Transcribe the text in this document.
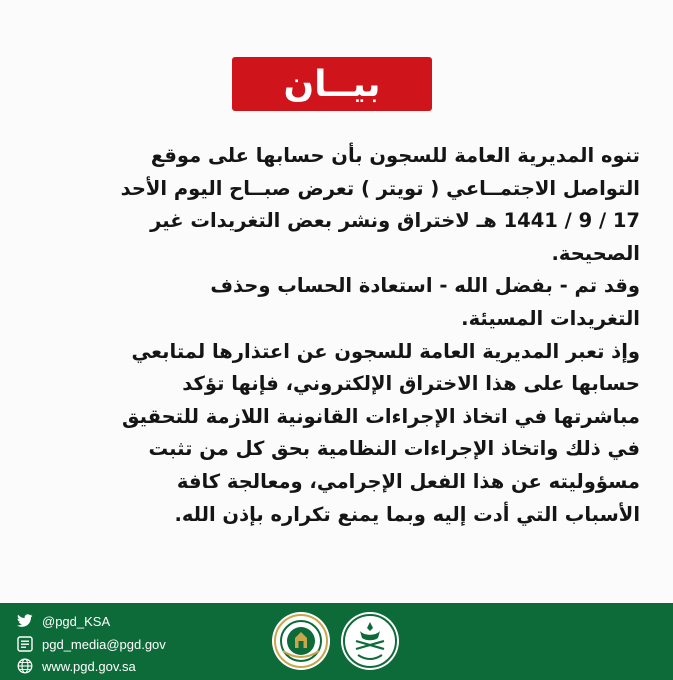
بيــان
تنوه المديرية العامة للسجون بأن حسابها على موقع
التواصل الاجتمــاعي ( تويتر ) تعرض صبــاح اليوم الأحد
17 / 9 / 1441 هـ لاختراق ونشر بعض التغريدات غير
الصحيحة.
وقد تم - بفضل الله - استعادة الحساب وحذف
التغريدات المسيئة.
وإذ تعبر المديرية العامة للسجون عن اعتذارها لمتابعي
حسابها على هذا الاختراق الإلكتروني، فإنها تؤكد
مباشرتها في اتخاذ الإجراءات القانونية اللازمة للتحقيق
في ذلك واتخاذ الإجراءات النظامية بحق كل من تثبت
مسؤوليته عن هذا الفعل الإجرامي، ومعالجة كافة
الأسباب التي أدت إليه وبما يمنع تكراره بإذن الله.
@pgd_KSA
pgd_media@pgd.gov
www.pgd.gov.sa
